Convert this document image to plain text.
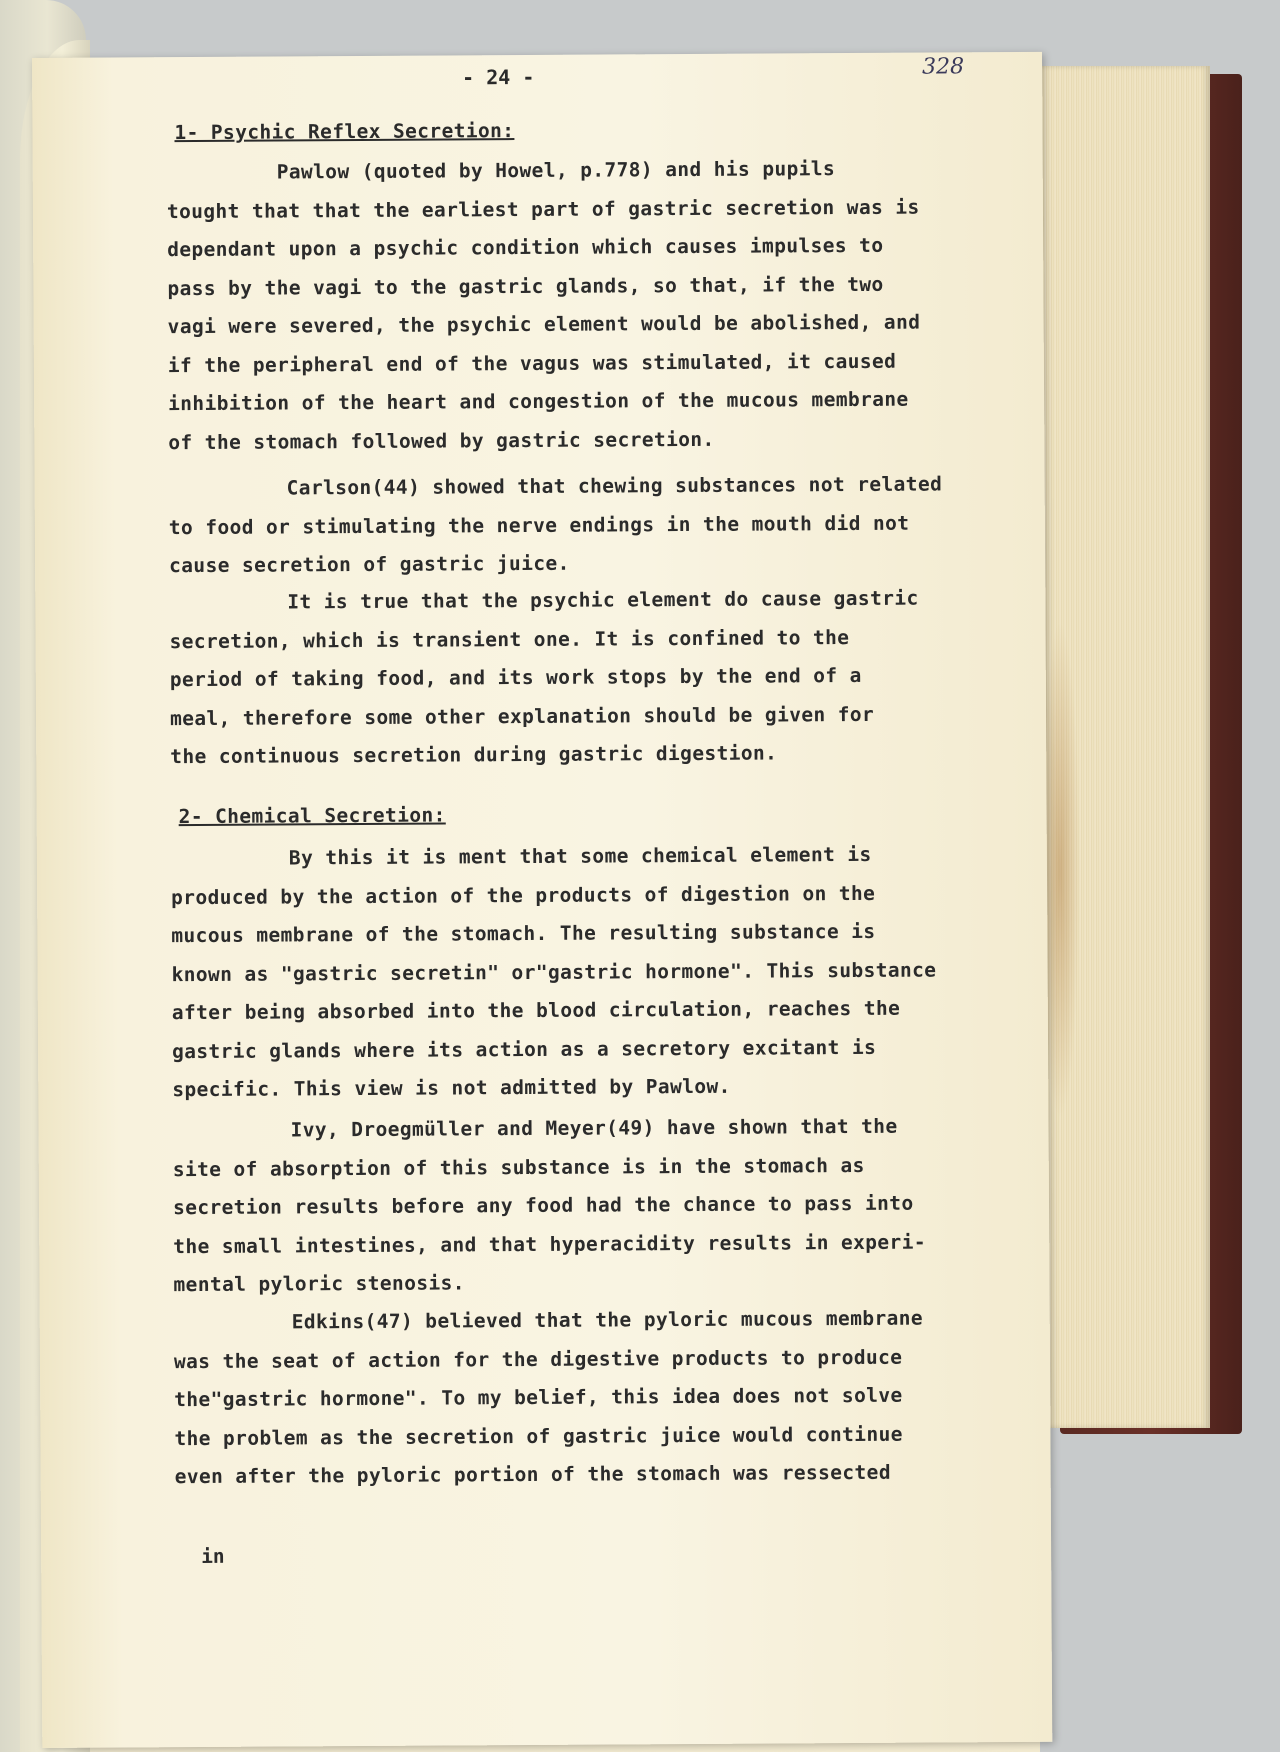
- 24 -	328
1- Psychic Reflex Secretion:
Pawlow (quoted by Howel, p.778) and his pupils
tought that that the earliest part of gastric secretion was is
dependant upon a psychic condition which causes impulses to
pass by the vagi to the gastric glands, so that, if the two
vagi were severed, the psychic element would be abolished, and
if the peripheral end of the vagus was stimulated, it caused
inhibition of the heart and congestion of the mucous membrane
of the stomach followed by gastric secretion.
Carlson(44) showed that chewing substances not related
to food or stimulating the nerve endings in the mouth did not
cause secretion of gastric juice.
It is true that the psychic element do cause gastric
secretion, which is transient one. It is confined to the
period of taking food, and its work stops by the end of a
meal, therefore some other explanation should be given for
the continuous secretion during gastric digestion.
2- Chemical Secretion:
By this it is ment that some chemical element is
produced by the action of the products of digestion on the
mucous membrane of the stomach. The resulting substance is
known as "gastric secretin" or"gastric hormone". This substance
after being absorbed into the blood circulation, reaches the
gastric glands where its action as a secretory excitant is
specific. This view is not admitted by Pawlow.
Ivy, Droegmüller and Meyer(49) have shown that the
site of absorption of this substance is in the stomach as
secretion results before any food had the chance to pass into
the small intestines, and that hyperacidity results in experi-
mental pyloric stenosis.
Edkins(47) believed that the pyloric mucous membrane
was the seat of action for the digestive products to produce
the"gastric hormone". To my belief, this idea does not solve
the problem as the secretion of gastric juice would continue
even after the pyloric portion of the stomach was ressected
in
